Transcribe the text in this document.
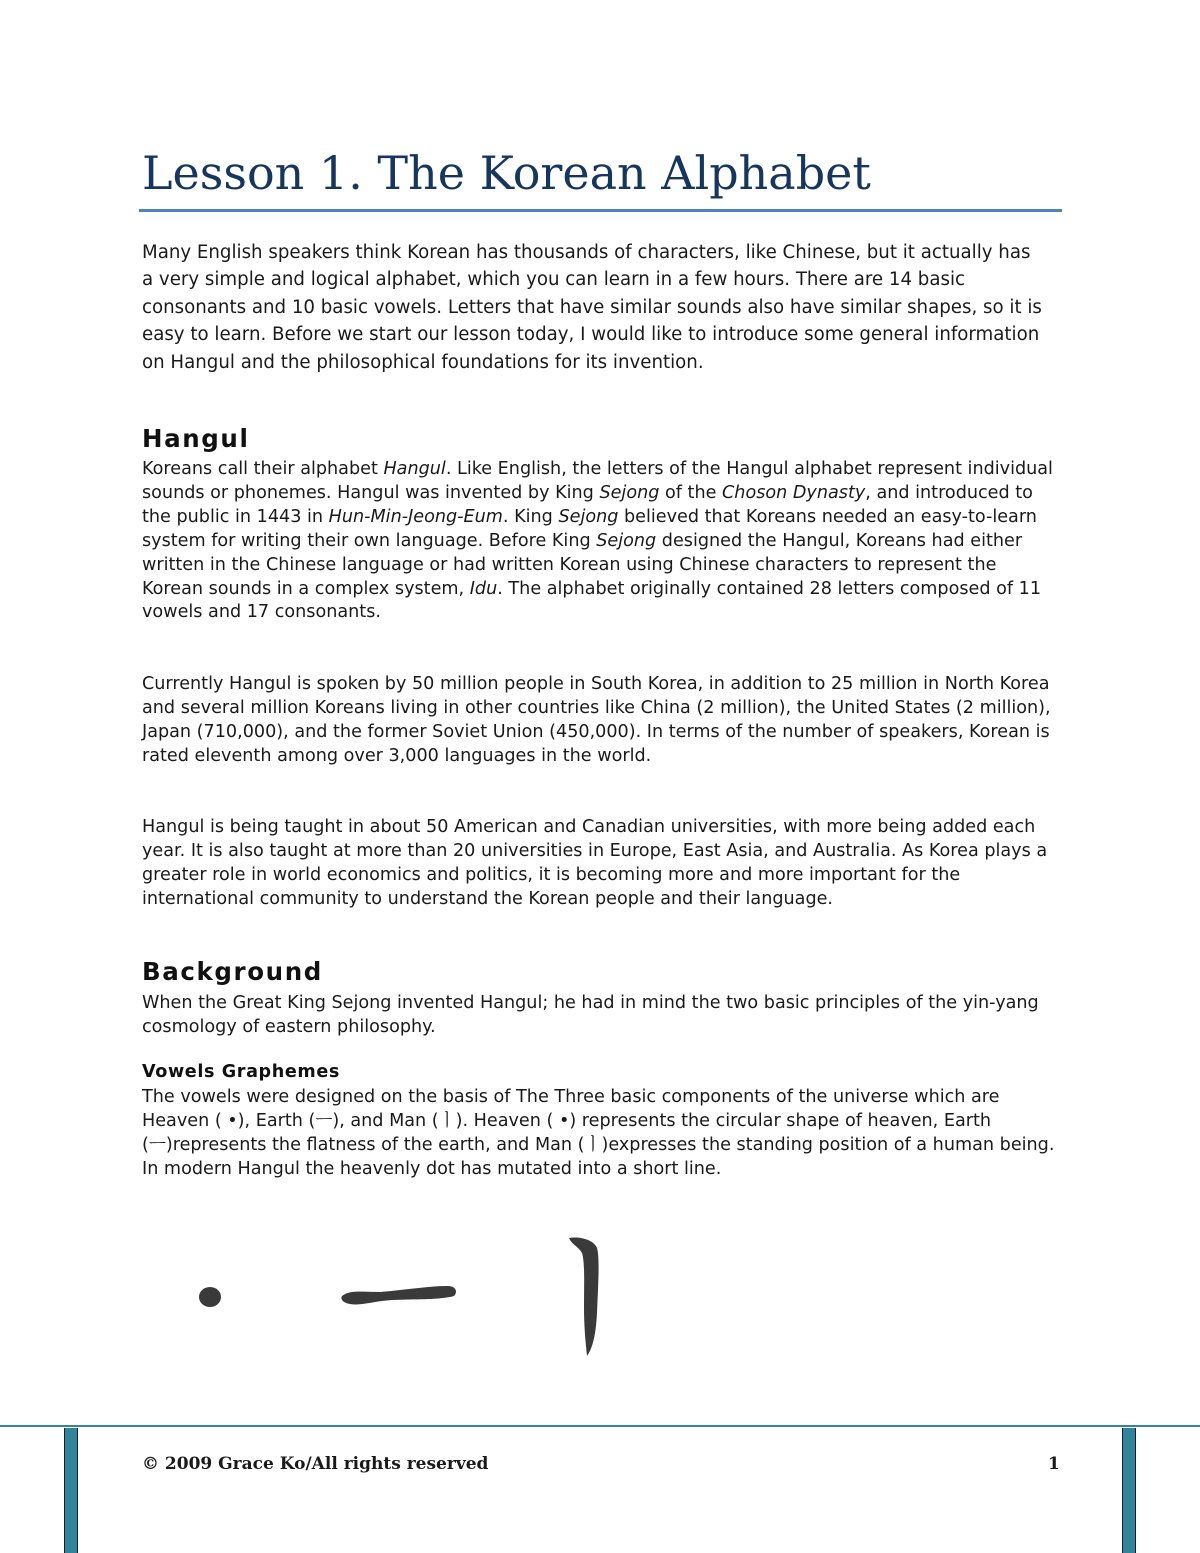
Lesson 1. The Korean Alphabet

Many English speakers think Korean has thousands of characters, like Chinese, but it actually has a very simple and logical alphabet, which you can learn in a few hours. There are 14 basic consonants and 10 basic vowels. Letters that have similar sounds also have similar shapes, so it is easy to learn. Before we start our lesson today, I would like to introduce some general information on Hangul and the philosophical foundations for its invention.

Hangul

Koreans call their alphabet Hangul. Like English, the letters of the Hangul alphabet represent individual sounds or phonemes. Hangul was invented by King Sejong of the Choson Dynasty, and introduced to the public in 1443 in Hun-Min-Jeong-Eum. King Sejong believed that Koreans needed an easy-to-learn system for writing their own language. Before King Sejong designed the Hangul, Koreans had either written in the Chinese language or had written Korean using Chinese characters to represent the Korean sounds in a complex system, Idu. The alphabet originally contained 28 letters composed of 11 vowels and 17 consonants.

Currently Hangul is spoken by 50 million people in South Korea, in addition to 25 million in North Korea and several million Koreans living in other countries like China (2 million), the United States (2 million), Japan (710,000), and the former Soviet Union (450,000). In terms of the number of speakers, Korean is rated eleventh among over 3,000 languages in the world.

Hangul is being taught in about 50 American and Canadian universities, with more being added each year. It is also taught at more than 20 universities in Europe, East Asia, and Australia. As Korea plays a greater role in world economics and politics, it is becoming more and more important for the international community to understand the Korean people and their language.

Background

When the Great King Sejong invented Hangul; he had in mind the two basic principles of the yin-yang cosmology of eastern philosophy.

Vowels Graphemes

The vowels were designed on the basis of The Three basic components of the universe which are Heaven ( •), Earth (ㅡ), and Man (ㅣ). Heaven ( •) represents the circular shape of heaven, Earth (ㅡ)represents the flatness of the earth, and Man (ㅣ)expresses the standing position of a human being. In modern Hangul the heavenly dot has mutated into a short line.

© 2009 Grace Ko/All rights reserved	1
